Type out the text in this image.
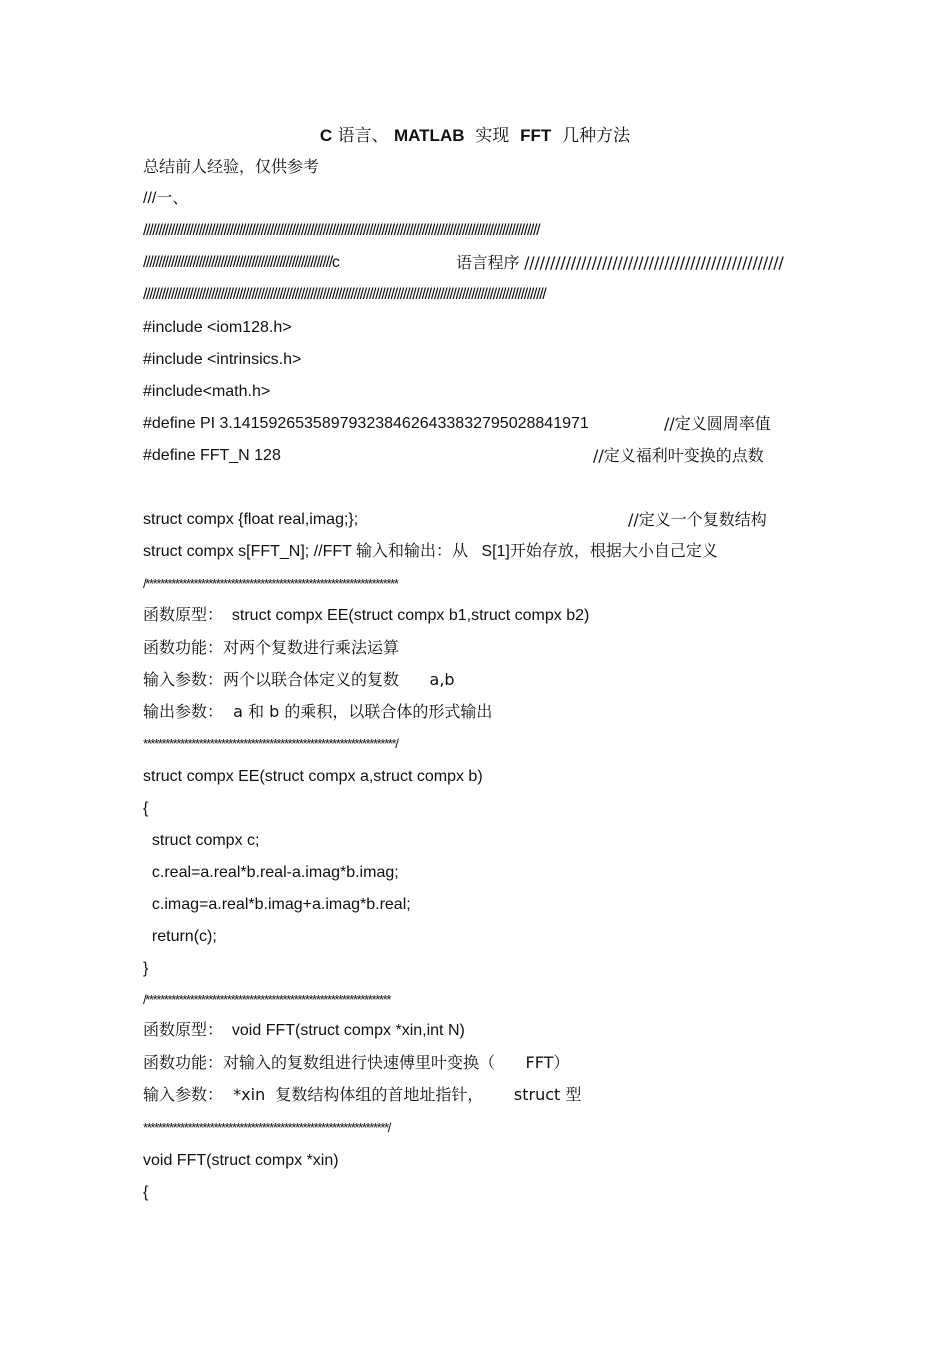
C 语言、 MATLAB  实现  FFT  几种方法
总结前人经验，仅供参考
///一、
////////////////////////////////////////////////////////////////////////////////////////////////////////////////////////////////
/////////////////////////////////////////////////////////////c	语言程序 //////////////////////////////////////////////////
//////////////////////////////////////////////////////////////////////////////////////////////////////////////////////////////////
#include <iom128.h>
#include <intrinsics.h>
#include<math.h>
#define PI 3.1415926535897932384626433832795028841971	//定义圆周率值
#define FFT_N 128	//定义福利叶变换的点数
struct compx {float real,imag;};	//定义一个复数结构
struct compx s[FFT_N]; //FFT 输入和输出：从   S[1]开始存放，根据大小自己定义
/********************************************************************
函数原型：  struct compx EE(struct compx b1,struct compx b2)
函数功能：对两个复数进行乘法运算
输入参数：两个以联合体定义的复数      a,b
输出参数：  a 和 b 的乘积，以联合体的形式输出
********************************************************************/
struct compx EE(struct compx a,struct compx b)
{
struct compx c;
c.real=a.real*b.real-a.imag*b.imag;
c.imag=a.real*b.imag+a.imag*b.real;
return(c);
}
/******************************************************************
函数原型：  void FFT(struct compx *xin,int N)
函数功能：对输入的复数组进行快速傅里叶变换（      FFT）
输入参数：  *xin  复数结构体组的首地址指针，      struct 型
******************************************************************/
void FFT(struct compx *xin)
{
